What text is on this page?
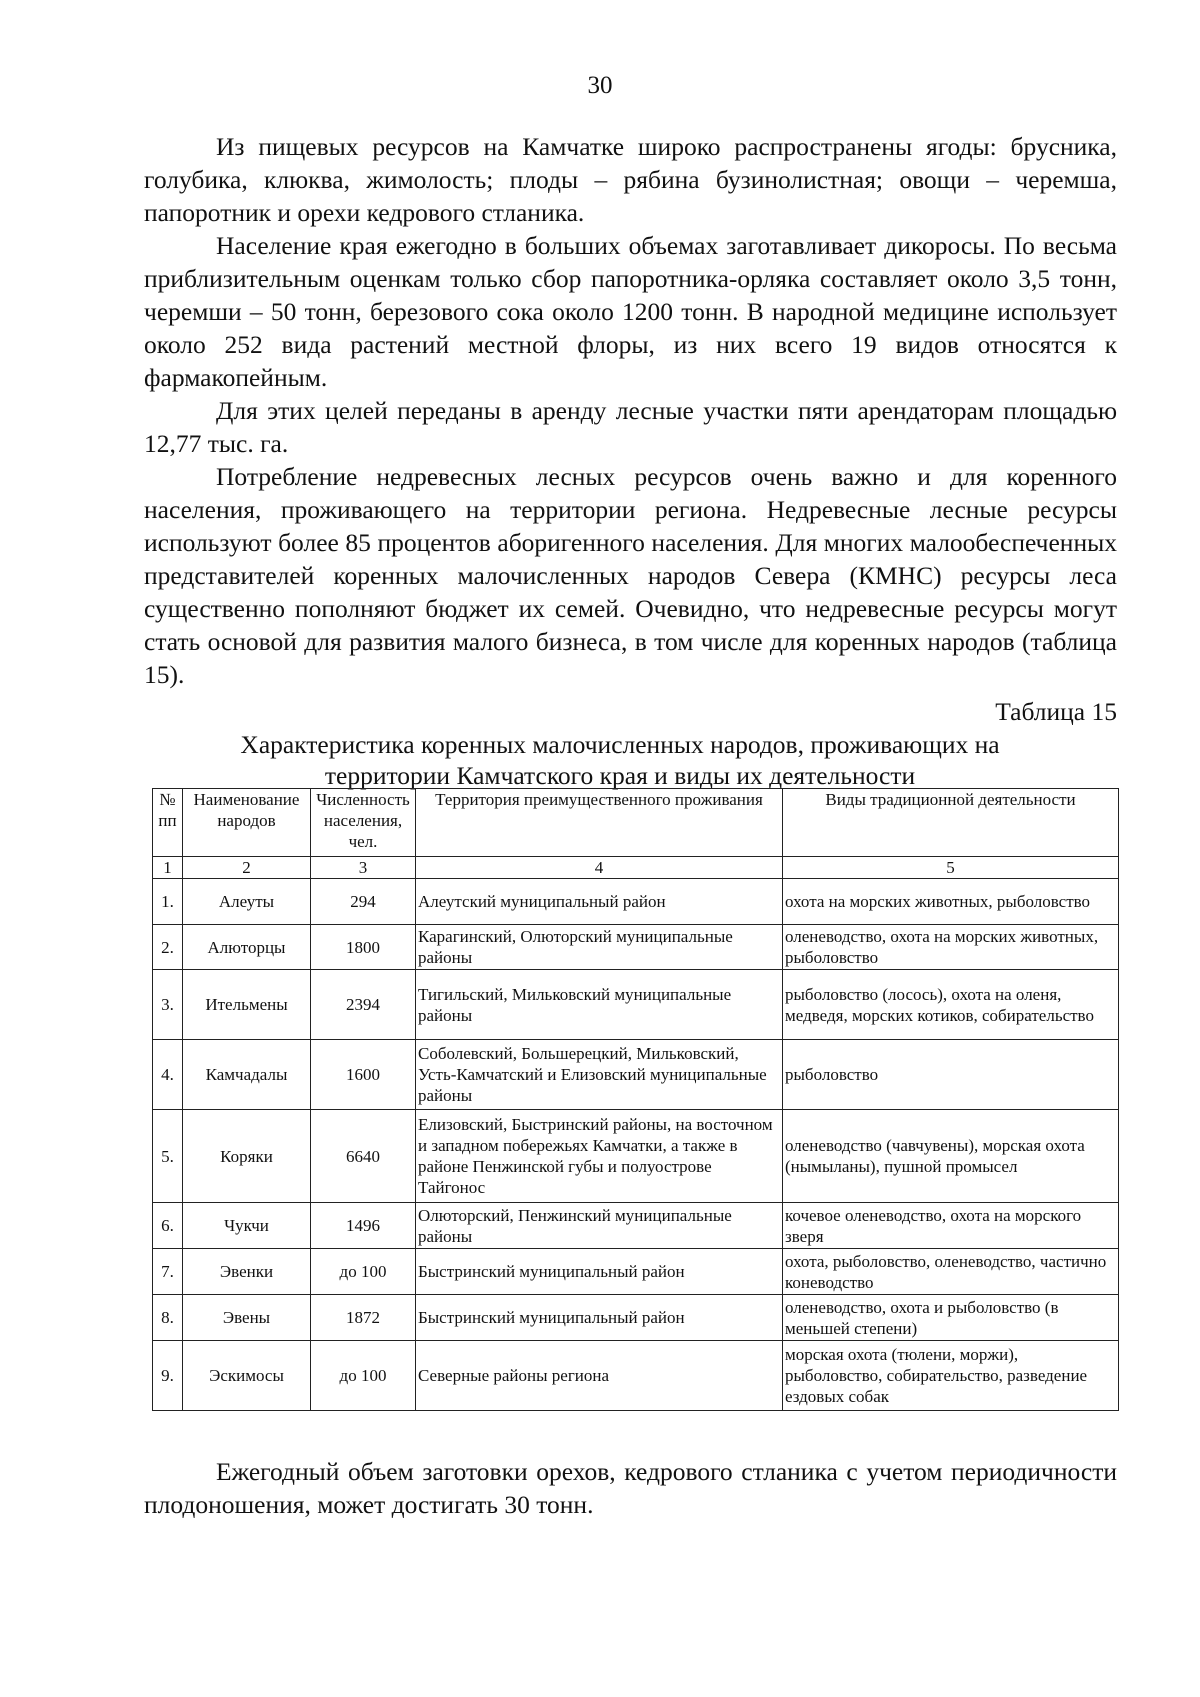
30

Из пищевых ресурсов на Камчатке широко распространены ягоды: брусника, голубика, клюква, жимолость; плоды – рябина бузинолистная; овощи – черемша, папоротник и орехи кедрового стланика.

Население края ежегодно в больших объемах заготавливает дикоросы. По весьма приблизительным оценкам только сбор папоротника-орляка составляет около 3,5 тонн, черемши – 50 тонн, березового сока около 1200 тонн. В народной медицине использует около 252 вида растений местной флоры, из них всего 19 видов относятся к фармакопейным.

Для этих целей переданы в аренду лесные участки пяти арендаторам площадью 12,77 тыс. га.

Потребление недревесных лесных ресурсов очень важно и для коренного населения, проживающего на территории региона. Недревесные лесные ресурсы используют более 85 процентов аборигенного населения. Для многих малообеспеченных представителей коренных малочисленных народов Севера (КМНС) ресурсы леса существенно пополняют бюджет их семей. Очевидно, что недревесные ресурсы могут стать основой для развития малого бизнеса, в том числе для коренных народов (таблица 15).

Таблица 15
Характеристика коренных малочисленных народов, проживающих на территории Камчатского края и виды их деятельности
№ пп	Наименование народов	Численность населения, чел.	Территория преимущественного проживания	Виды традиционной деятельности
1	2	3	4	5
1.	Алеуты	294	Алеутский муниципальный район	охота на морских животных, рыболовство
2.	Алюторцы	1800	Карагинский, Олюторский муниципальные районы	оленеводство, охота на морских животных, рыболовство
3.	Ительмены	2394	Тигильский, Мильковский муниципальные районы	рыболовство (лосось), охота на оленя, медведя, морских котиков, собирательство
4.	Камчадалы	1600	Соболевский, Большерецкий, Мильковский, Усть-Камчатский и Елизовский муниципальные районы	рыболовство
5.	Коряки	6640	Елизовский, Быстринский районы, на восточном и западном побережьях Камчатки, а также в районе Пенжинской губы и полуострове Тайгонос	оленеводство (чавчувены), морская охота (нымыланы), пушной промысел
6.	Чукчи	1496	Олюторский, Пенжинский муниципальные районы	кочевое оленеводство, охота на морского зверя
7.	Эвенки	до 100	Быстринский муниципальный район	охота, рыболовство, оленеводство, частично коневодство
8.	Эвены	1872	Быстринский муниципальный район	оленеводство, охота и рыболовство (в меньшей степени)
9.	Эскимосы	до 100	Северные районы региона	морская охота (тюлени, моржи), рыболовство, собирательство, разведение ездовых собак

Ежегодный объем заготовки орехов, кедрового стланика с учетом периодичности плодоношения, может достигать 30 тонн.
